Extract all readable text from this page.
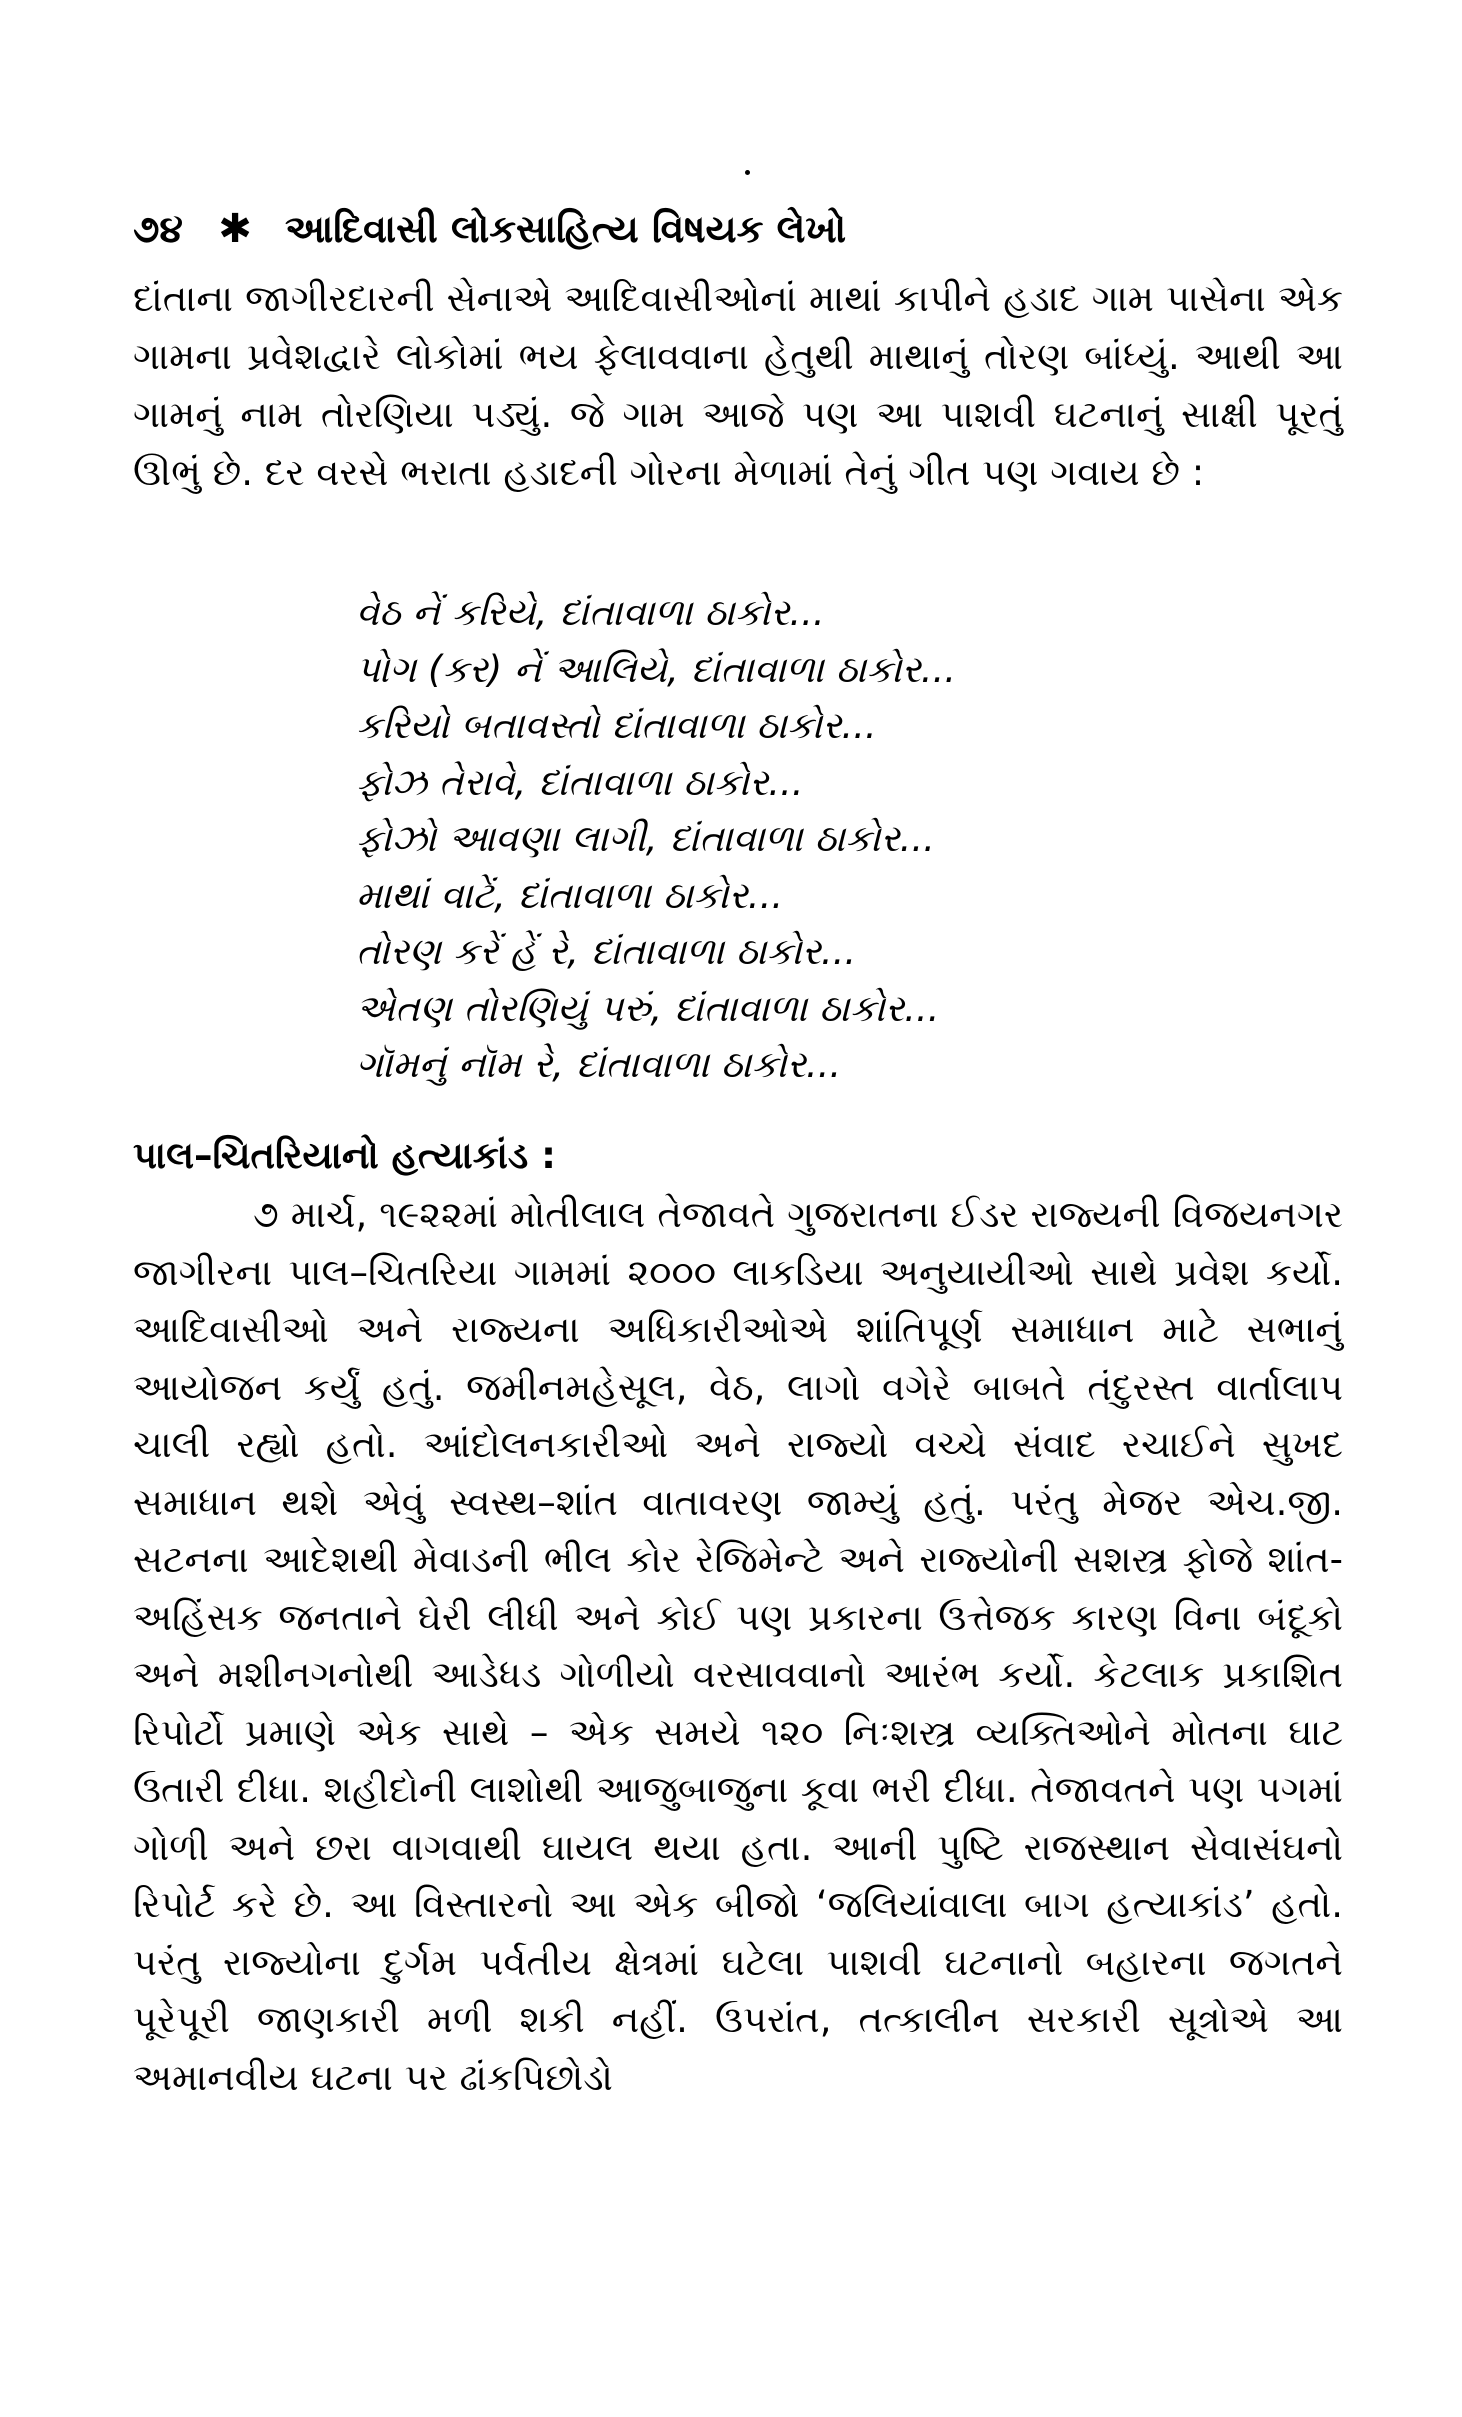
૭૪ ✱ આદિવાસી લોકસાહિત્ય વિષયક લેખો
દાંતાના જાગીરદારની સેનાએ આદિવાસીઓનાં માથાં કાપીને હડાદ ગામ પાસેના એક ગામના પ્રવેશદ્વારે લોકોમાં ભય ફેલાવવાના હેતુથી માથાનું તોરણ બાંધ્યું. આથી આ ગામનું નામ તોરણિયા પડ્યું. જે ગામ આજે પણ આ પાશવી ઘટનાનું સાક્ષી પૂરતું ઊભું છે. દર વરસે ભરાતા હડાદની ગોરના મેળામાં તેનું ગીત પણ ગવાય છે :
વેઠ નેં કરિયે, દાંતાવાળા ઠાકોર...
પોગ (કર) નેં આલિયે, દાંતાવાળા ઠાકોર...
કરિયો બતાવસ્તો દાંતાવાળા ઠાકોર...
ફોઝ તેરાવે, દાંતાવાળા ઠાકોર...
ફોઝો આવણા લાગી, દાંતાવાળા ઠાકોર...
માથાં વાટેં, દાંતાવાળા ઠાકોર...
તોરણ કરેં હેં રે, દાંતાવાળા ઠાકોર...
એતણ તોરણિયું પરું, દાંતાવાળા ઠાકોર...
ગૉમનું નૉમ રે, દાંતાવાળા ઠાકોર...
પાલ–ચિતરિયાનો હત્યાકાંડ :
૭ માર્ચ, ૧૯૨૨માં મોતીલાલ તેજાવતે ગુજરાતના ઈડર રાજ્યની વિજયનગર જાગીરના પાલ–ચિતરિયા ગામમાં ૨૦૦૦ લાકડિયા અનુયાયીઓ સાથે પ્રવેશ કર્યો. આદિવાસીઓ અને રાજ્યના અધિકારીઓએ શાંતિપૂર્ણ સમાધાન માટે સભાનું આયોજન કર્યું હતું. જમીનમહેસૂલ, વેઠ, લાગો વગેરે બાબતે તંદુરસ્ત વાર્તાલાપ ચાલી રહ્યો હતો. આંદોલનકારીઓ અને રાજ્યો વચ્ચે સંવાદ રચાઈને સુખદ સમાધાન થશે એવું સ્વસ્થ–શાંત વાતાવરણ જામ્યું હતું. પરંતુ મેજર એચ.જી. સટનના આદેશથી મેવાડની ભીલ કોર રેજિમેન્ટે અને રાજ્યોની સશસ્ત્ર ફોજે શાંત-અહિંસક જનતાને ઘેરી લીધી અને કોઈ પણ પ્રકારના ઉત્તેજક કારણ વિના બંદૂકો અને મશીનગનોથી આડેધડ ગોળીયો વરસાવવાનો આરંભ કર્યો. કેટલાક પ્રકાશિત રિપોર્ટો પ્રમાણે એક સાથે – એક સમયે ૧૨૦ નિઃશસ્ત્ર વ્યક્તિઓને મોતના ઘાટ ઉતારી દીધા. શહીદોની લાશોથી આજુબાજુના કૂવા ભરી દીધા. તેજાવતને પણ પગમાં ગોળી અને છરા વાગવાથી ઘાયલ થયા હતા. આની પુષ્ટિ રાજસ્થાન સેવાસંઘનો રિપોર્ટ કરે છે. આ વિસ્તારનો આ એક બીજો ‘જલિયાંવાલા બાગ હત્યાકાંડ’ હતો. પરંતુ રાજ્યોના દુર્ગમ પર્વતીય ક્ષેત્રમાં ઘટેલા પાશવી ઘટનાનો બહારના જગતને પૂરેપૂરી જાણકારી મળી શકી નહીં. ઉપરાંત, તત્કાલીન સરકારી સૂત્રોએ આ અમાનવીય ઘટના પર ઢાંકપિછોડો
